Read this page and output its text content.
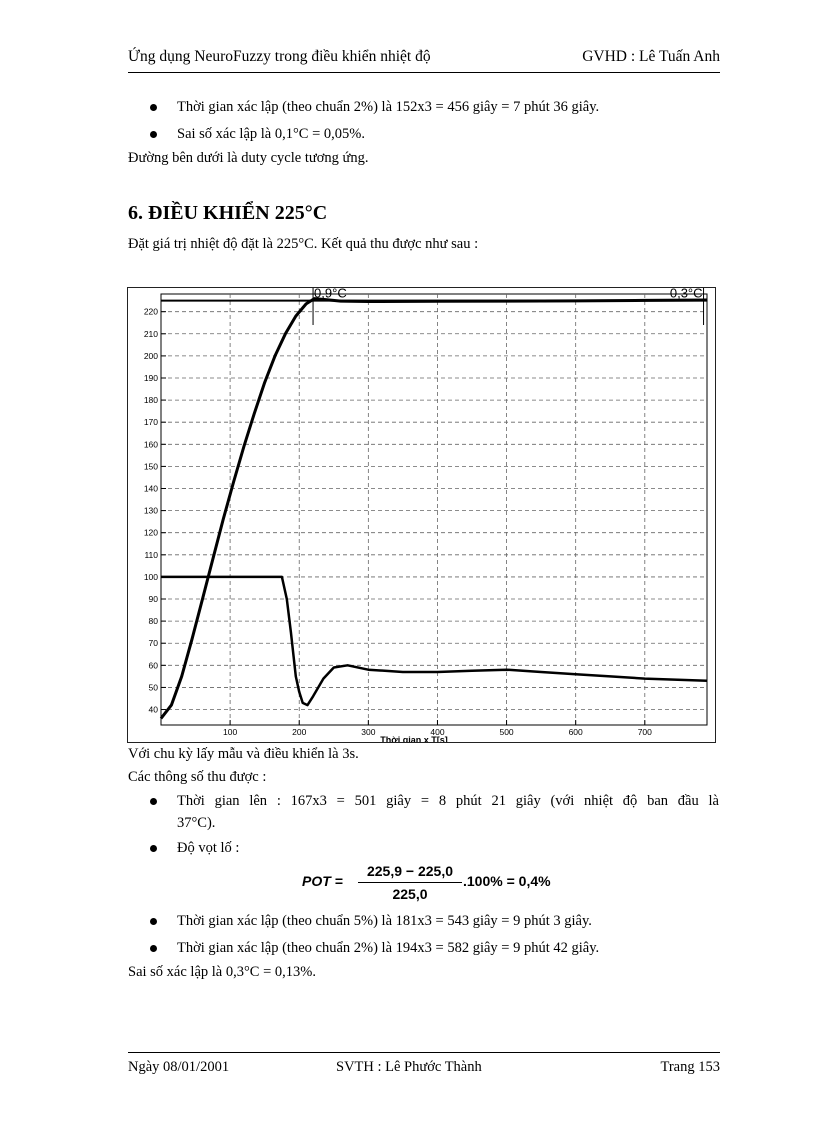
Ứng dụng NeuroFuzzy trong điều khiển nhiệt độ	GVHD : Lê Tuấn Anh
Thời gian xác lập (theo chuẩn 2%) là 152x3 = 456 giây = 7 phút 36 giây.
Sai số xác lập là 0,1°C = 0,05%.
Đường bên dưới là duty cycle tương ứng.
6. ĐIỀU KHIỂN 225°C
Đặt giá trị nhiệt độ đặt là 225°C. Kết quả thu được như sau :
40
50
60
70
80
90
100
110
120
130
140
150
160
170
180
190
200
210
220
100	200	300	400	500	600	700
Thời gian x T[s]
0,9°C	0,3°C
Với chu kỳ lấy mẫu và điều khiển là 3s.
Các thông số thu được :
Thời gian lên : 167x3 = 501 giây = 8 phút 21 giây (với nhiệt độ ban đầu là
37°C).
Độ vọt lố :
POT =
225,9 − 225,0
225,0
.100% = 0,4%
Thời gian xác lập (theo chuẩn 5%) là 181x3 = 543 giây = 9 phút 3 giây.
Thời gian xác lập (theo chuẩn 2%) là 194x3 = 582 giây = 9 phút 42 giây.
Sai số xác lập là 0,3°C = 0,13%.
Ngày 08/01/2001	SVTH : Lê Phước Thành	Trang 153
